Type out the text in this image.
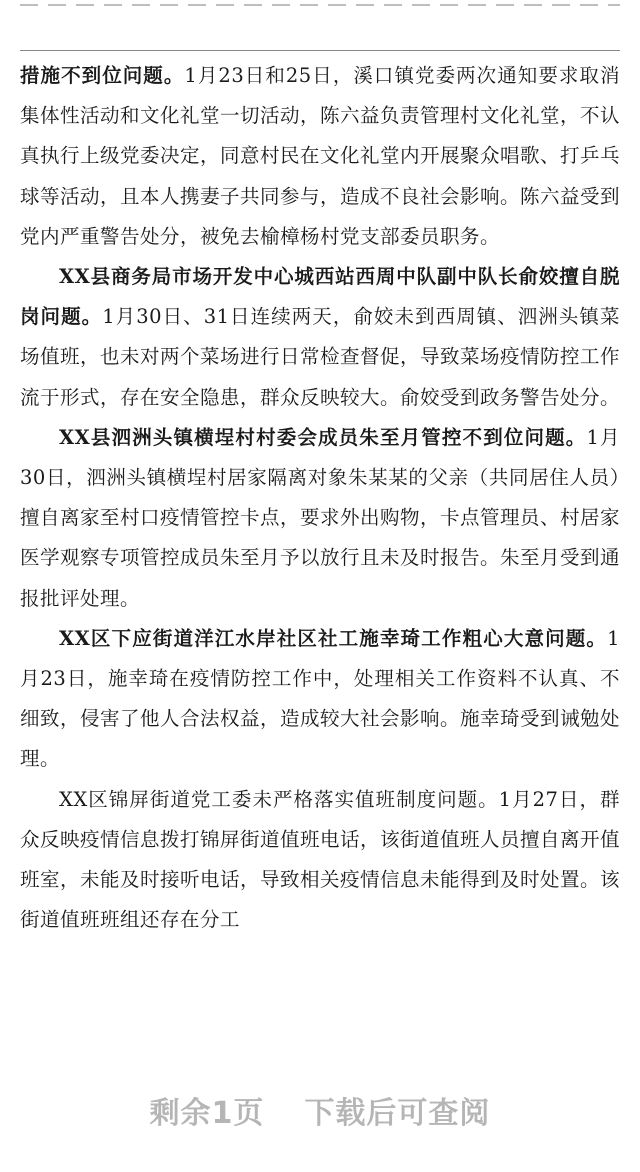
措施不到位问题。1月23日和25日，溪口镇党委两次通知要求取消集体性活动和文化礼堂一切活动，陈六益负责管理村文化礼堂，不认真执行上级党委决定，同意村民在文化礼堂内开展聚众唱歌、打乒乓球等活动，且本人携妻子共同参与，造成不良社会影响。陈六益受到党内严重警告处分，被免去榆樟杨村党支部委员职务。

XX县商务局市场开发中心城西站西周中队副中队长俞姣擅自脱岗问题。1月30日、31日连续两天，俞姣未到西周镇、泗洲头镇菜场值班，也未对两个菜场进行日常检查督促，导致菜场疫情防控工作流于形式，存在安全隐患，群众反映较大。俞姣受到政务警告处分。

XX县泗洲头镇横埕村村委会成员朱至月管控不到位问题。1月30日，泗洲头镇横埕村居家隔离对象朱某某的父亲（共同居住人员）擅自离家至村口疫情管控卡点，要求外出购物，卡点管理员、村居家医学观察专项管控成员朱至月予以放行且未及时报告。朱至月受到通报批评处理。

XX区下应街道洋江水岸社区社工施幸琦工作粗心大意问题。1月23日，施幸琦在疫情防控工作中，处理相关工作资料不认真、不细致，侵害了他人合法权益，造成较大社会影响。施幸琦受到诫勉处理。

XX区锦屏街道党工委未严格落实值班制度问题。1月27日，群众反映疫情信息拨打锦屏街道值班电话，该街道值班人员擅自离开值班室，未能及时接听电话，导致相关疫情信息未能得到及时处置。该街道值班班组还存在分工

剩余1页 下载后可查阅
